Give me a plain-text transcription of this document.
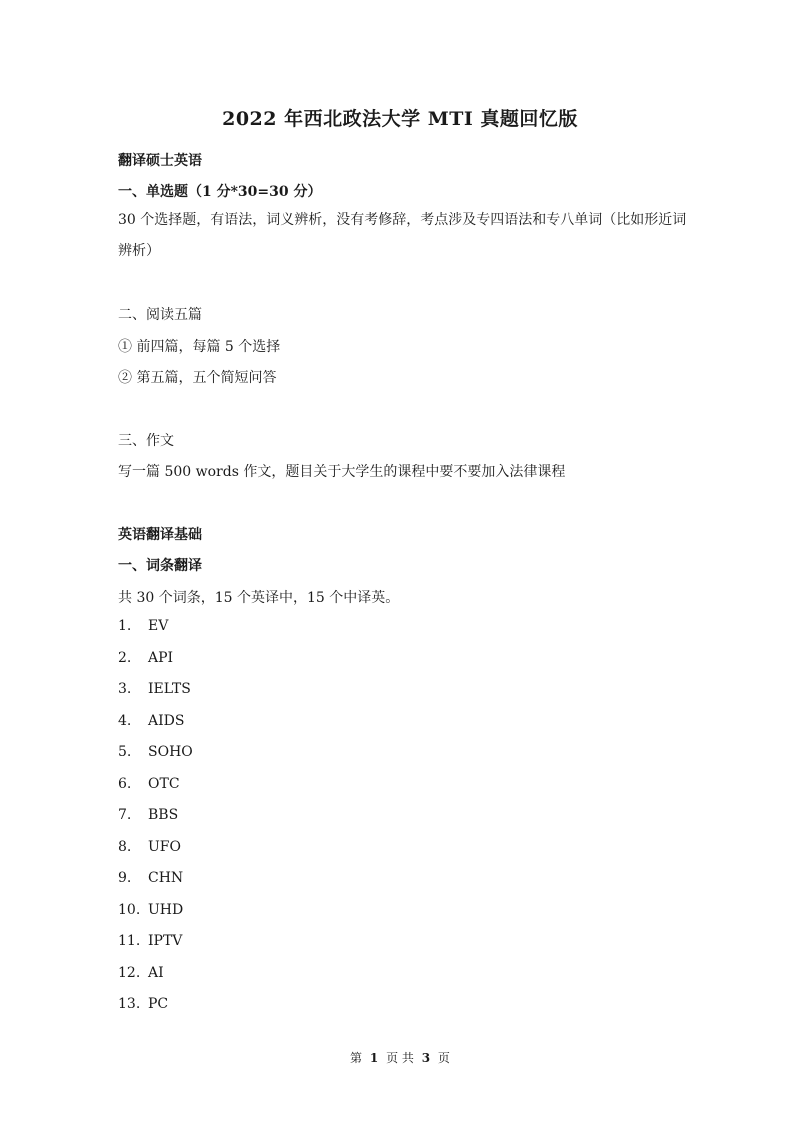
2022 年西北政法大学 MTI 真题回忆版
翻译硕士英语
一、单选题（1 分*30=30 分）
30 个选择题，有语法，词义辨析，没有考修辞，考点涉及专四语法和专八单词（比如形近词辨析）
二、阅读五篇
① 前四篇，每篇 5 个选择
② 第五篇，五个简短问答
三、作文
写一篇 500 words 作文，题目关于大学生的课程中要不要加入法律课程
英语翻译基础
一、词条翻译
共 30 个词条，15 个英译中，15 个中译英。
1. EV
2. API
3. IELTS
4. AIDS
5. SOHO
6. OTC
7. BBS
8. UFO
9. CHN
10. UHD
11. IPTV
12. AI
13. PC
第 1 页 共 3 页
